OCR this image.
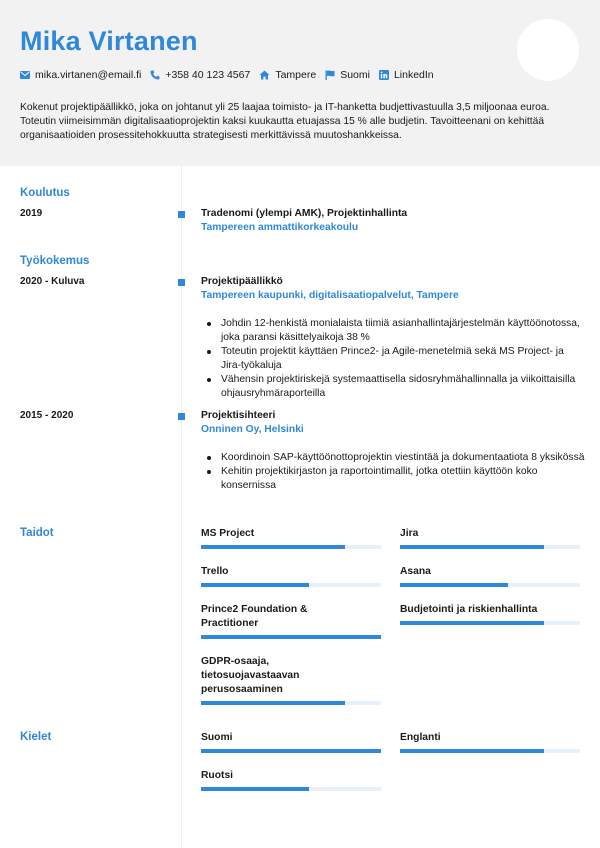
Mika Virtanen
mika.virtanen@email.fi +358 40 123 4567 Tampere Suomi LinkedIn
Kokenut projektipäällikkö, joka on johtanut yli 25 laajaa toimisto- ja IT-hanketta budjettivastuulla 3,5 miljoonaa euroa. Toteutin viimeisimmän digitalisaatioprojektin kaksi kuukautta etuajassa 15 % alle budjetin. Tavoitteenani on kehittää organisaatioiden prosessitehokkuutta strategisesti merkittävissä muutoshankkeissa.
Koulutus
2019	Tradenomi (ylempi AMK), Projektinhallinta
Tampereen ammattikorkeakoulu
Työkokemus
2020 - Kuluva	Projektipäällikkö
Tampereen kaupunki, digitalisaatiopalvelut, Tampere
Johdin 12-henkistä monialaista tiimiä asianhallintajärjestelmän käyttöönotossa, joka paransi käsittelyaikoja 38 %
Toteutin projektit käyttäen Prince2- ja Agile-menetelmiä sekä MS Project- ja Jira-työkaluja
Vähensin projektiriskejä systemaattisella sidosryhmähallinnalla ja viikoittaisilla ohjausryhmäraporteilla
2015 - 2020	Projektisihteeri
Onninen Oy, Helsinki
Koordinoin SAP-käyttöönottoprojektin viestintää ja dokumentaatiota 8 yksikössä
Kehitin projektikirjaston ja raportointimallit, jotka otettiin käyttöön koko konsernissa
Taidot	MS Project	Jira
Trello	Asana
Prince2 Foundation & Practitioner
Budjetointi ja riskienhallinta
GDPR-osaaja, tietosuojavastaavan perusosaaminen
Kielet	Suomi	Englanti
Ruotsi
